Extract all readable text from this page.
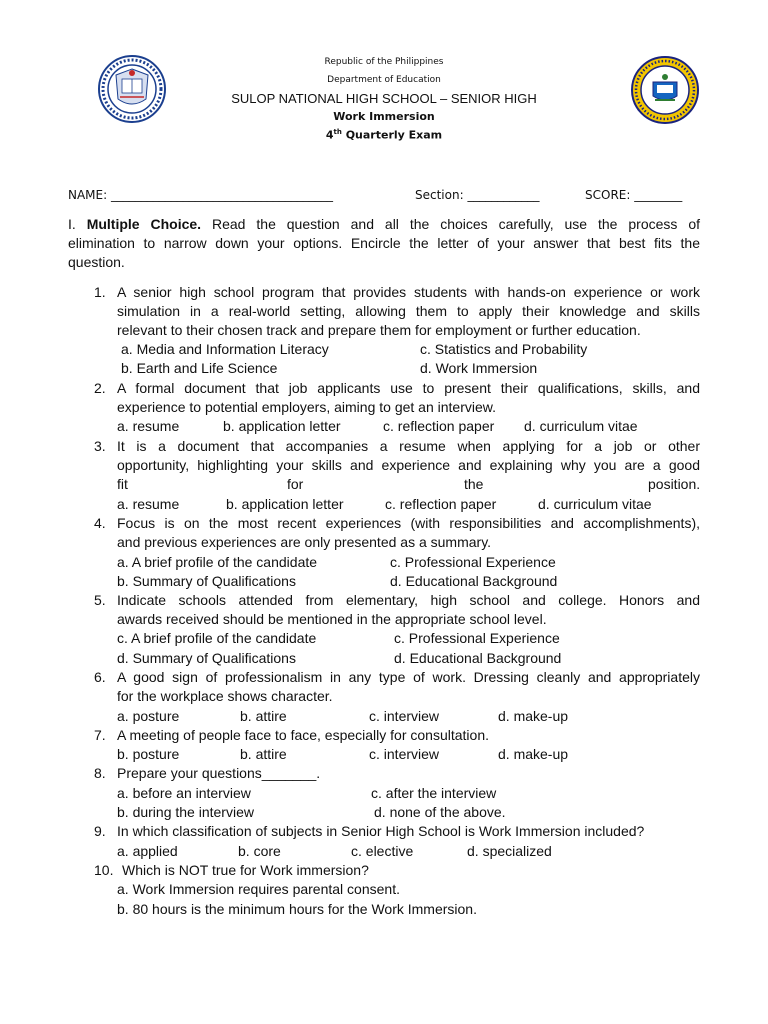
Republic of the Philippines
Department of Education
SULOP NATIONAL HIGH SCHOOL – SENIOR HIGH
Work Immersion
4th Quarterly Exam
NAME: _____________________________________	Section: ____________	SCORE: ________
I. Multiple Choice. Read the question and all the choices carefully, use the process of
elimination to narrow down your options. Encircle the letter of your answer that best fits the
question.
1. A senior high school program that provides students with hands-on experience or work
simulation in a real-world setting, allowing them to apply their knowledge and skills
relevant to their chosen track and prepare them for employment or further education.
a. Media and Information Literacy	c. Statistics and Probability
b. Earth and Life Science	d. Work Immersion
2. A formal document that job applicants use to present their qualifications, skills, and
experience to potential employers, aiming to get an interview.
a. resume	b. application letter	c. reflection paper d. curriculum vitae
3. It is a document that accompanies a resume when applying for a job or other
opportunity, highlighting your skills and experience and explaining why you are a good
fit	for	the	position.
a. resume	b. application letter	c. reflection paper	d. curriculum vitae
4. Focus is on the most recent experiences (with responsibilities and accomplishments),
and previous experiences are only presented as a summary.
a. A brief profile of the candidate	c. Professional Experience
b. Summary of Qualifications	d. Educational Background
5. Indicate schools attended from elementary, high school and college. Honors and
awards received should be mentioned in the appropriate school level.
c. A brief profile of the candidate	c. Professional Experience
d. Summary of Qualifications	d. Educational Background
6. A good sign of professionalism in any type of work. Dressing cleanly and appropriately
for the workplace shows character.
a. posture	b. attire	c. interview	d. make-up
7. A meeting of people face to face, especially for consultation.
b. posture	b. attire	c. interview	d. make-up
8. Prepare your questions_______.
a. before an interview	c. after the interview
b. during the interview	d. none of the above.
9. In which classification of subjects in Senior High School is Work Immersion included?
a. applied	b. core	c. elective	d. specialized
10. Which is NOT true for Work immersion?
a. Work Immersion requires parental consent.
b. 80 hours is the minimum hours for the Work Immersion.
